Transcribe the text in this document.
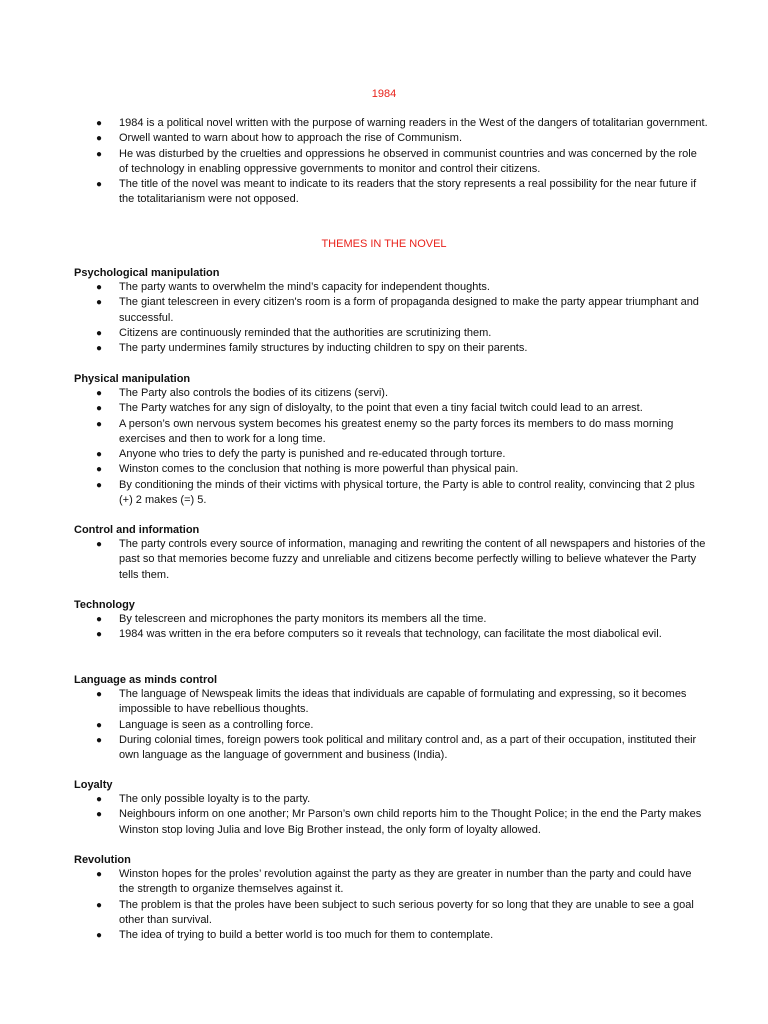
1984
● 1984 is a political novel written with the purpose of warning readers in the West of the dangers of totalitarian government.
● Orwell wanted to warn about how to approach the rise of Communism.
● He was disturbed by the cruelties and oppressions he observed in communist countries and was concerned by the role of technology in enabling oppressive governments to monitor and control their citizens.
● The title of the novel was meant to indicate to its readers that the story represents a real possibility for the near future if the totalitarianism were not opposed.
THEMES IN THE NOVEL
Psychological manipulation
● The party wants to overwhelm the mind’s capacity for independent thoughts.
● The giant telescreen in every citizen's room is a form of propaganda designed to make the party appear triumphant and successful.
● Citizens are continuously reminded that the authorities are scrutinizing them.
● The party undermines family structures by inducting children to spy on their parents.
Physical manipulation
● The Party also controls the bodies of its citizens (servi).
● The Party watches for any sign of disloyalty, to the point that even a tiny facial twitch could lead to an arrest.
● A person’s own nervous system becomes his greatest enemy so the party forces its members to do mass morning exercises and then to work for a long time.
● Anyone who tries to defy the party is punished and re-educated through torture.
● Winston comes to the conclusion that nothing is more powerful than physical pain.
● By conditioning the minds of their victims with physical torture, the Party is able to control reality, convincing that 2 plus (+) 2 makes (=) 5.
Control and information
● The party controls every source of information, managing and rewriting the content of all newspapers and histories of the past so that memories become fuzzy and unreliable and citizens become perfectly willing to believe whatever the Party tells them.
Technology
● By telescreen and microphones the party monitors its members all the time.
● 1984 was written in the era before computers so it reveals that technology, can facilitate the most diabolical evil.
Language as minds control
● The language of Newspeak limits the ideas that individuals are capable of formulating and expressing, so it becomes impossible to have rebellious thoughts.
● Language is seen as a controlling force.
● During colonial times, foreign powers took political and military control and, as a part of their occupation, instituted their own language as the language of government and business (India).
Loyalty
● The only possible loyalty is to the party.
● Neighbours inform on one another; Mr Parson’s own child reports him to the Thought Police; in the end the Party makes Winston stop loving Julia and love Big Brother instead, the only form of loyalty allowed.
Revolution
● Winston hopes for the proles’ revolution against the party as they are greater in number than the party and could have the strength to organize themselves against it.
● The problem is that the proles have been subject to such serious poverty for so long that they are unable to see a goal other than survival.
● The idea of trying to build a better world is too much for them to contemplate.
